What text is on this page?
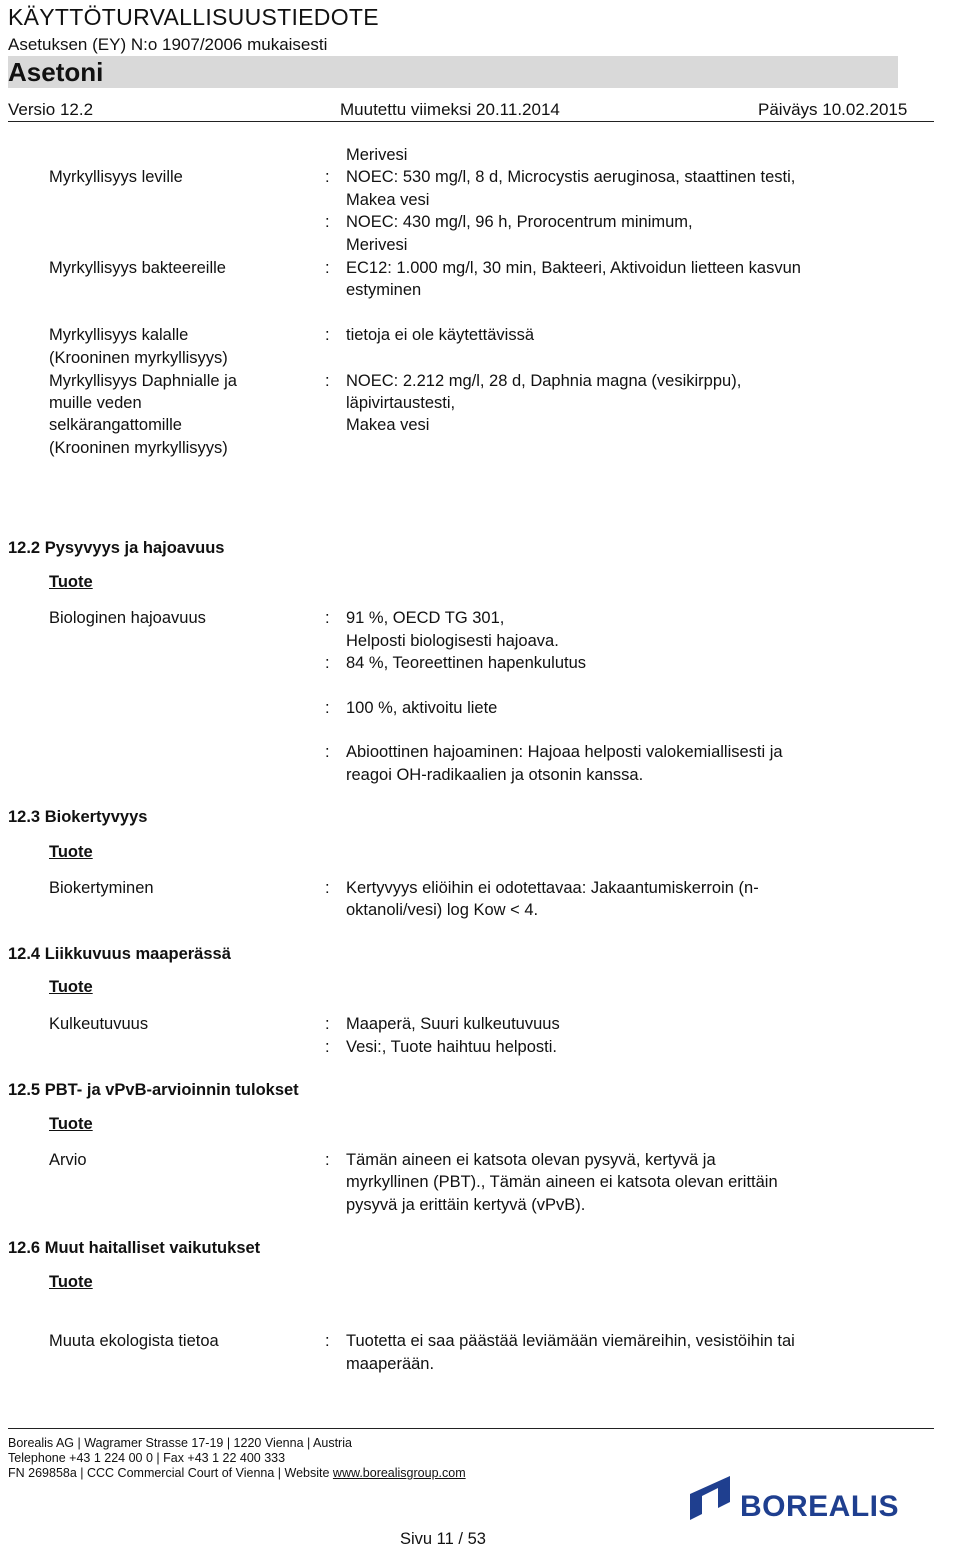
KÄYTTÖTURVALLISUUSTIEDOTE
Asetuksen (EY) N:o 1907/2006 mukaisesti
Asetoni
Versio 12.2	Muutettu viimeksi 20.11.2014	Päiväys 10.02.2015
Merivesi
Myrkyllisyys leville	: NOEC: 530 mg/l, 8 d, Microcystis aeruginosa, staattinen testi,
Makea vesi
: NOEC: 430 mg/l, 96 h, Prorocentrum minimum,
Merivesi
Myrkyllisyys bakteereille	: EC12: 1.000 mg/l, 30 min, Bakteeri, Aktivoidun lietteen kasvun
estyminen
Myrkyllisyys kalalle
(Krooninen myrkyllisyys)
: tietoja ei ole käytettävissä
Myrkyllisyys Daphnialle ja
muille veden
selkärangattomille
(Krooninen myrkyllisyys)
: NOEC: 2.212 mg/l, 28 d, Daphnia magna (vesikirppu),
läpivirtaustesti,
Makea vesi
12.2 Pysyvyys ja hajoavuus
Tuote
Biologinen hajoavuus	: 91 %, OECD TG 301,
Helposti biologisesti hajoava.
: 84 %, Teoreettinen hapenkulutus
: 100 %, aktivoitu liete
: Abioottinen hajoaminen: Hajoaa helposti valokemiallisesti ja
reagoi OH-radikaalien ja otsonin kanssa.
12.3 Biokertyvyys
Tuote
Biokertyminen	: Kertyvyys eliöihin ei odotettavaa: Jakaantumiskerroin (n-
oktanoli/vesi) log Kow < 4.
12.4 Liikkuvuus maaperässä
Tuote
Kulkeutuvuus	: Maaperä, Suuri kulkeutuvuus
: Vesi:, Tuote haihtuu helposti.
12.5 PBT- ja vPvB-arvioinnin tulokset
Tuote
Arvio	: Tämän aineen ei katsota olevan pysyvä, kertyvä ja
myrkyllinen (PBT)., Tämän aineen ei katsota olevan erittäin
pysyvä ja erittäin kertyvä (vPvB).
12.6 Muut haitalliset vaikutukset
Tuote
Muuta ekologista tietoa	: Tuotetta ei saa päästää leviämään viemäreihin, vesistöihin tai
maaperään.
Borealis AG | Wagramer Strasse 17-19 | 1220 Vienna | Austria
Telephone +43 1 224 00 0 | Fax +43 1 22 400 333
FN 269858a | CCC Commercial Court of Vienna | Website www.borealisgroup.com
BOREALIS
Sivu 11 / 53
